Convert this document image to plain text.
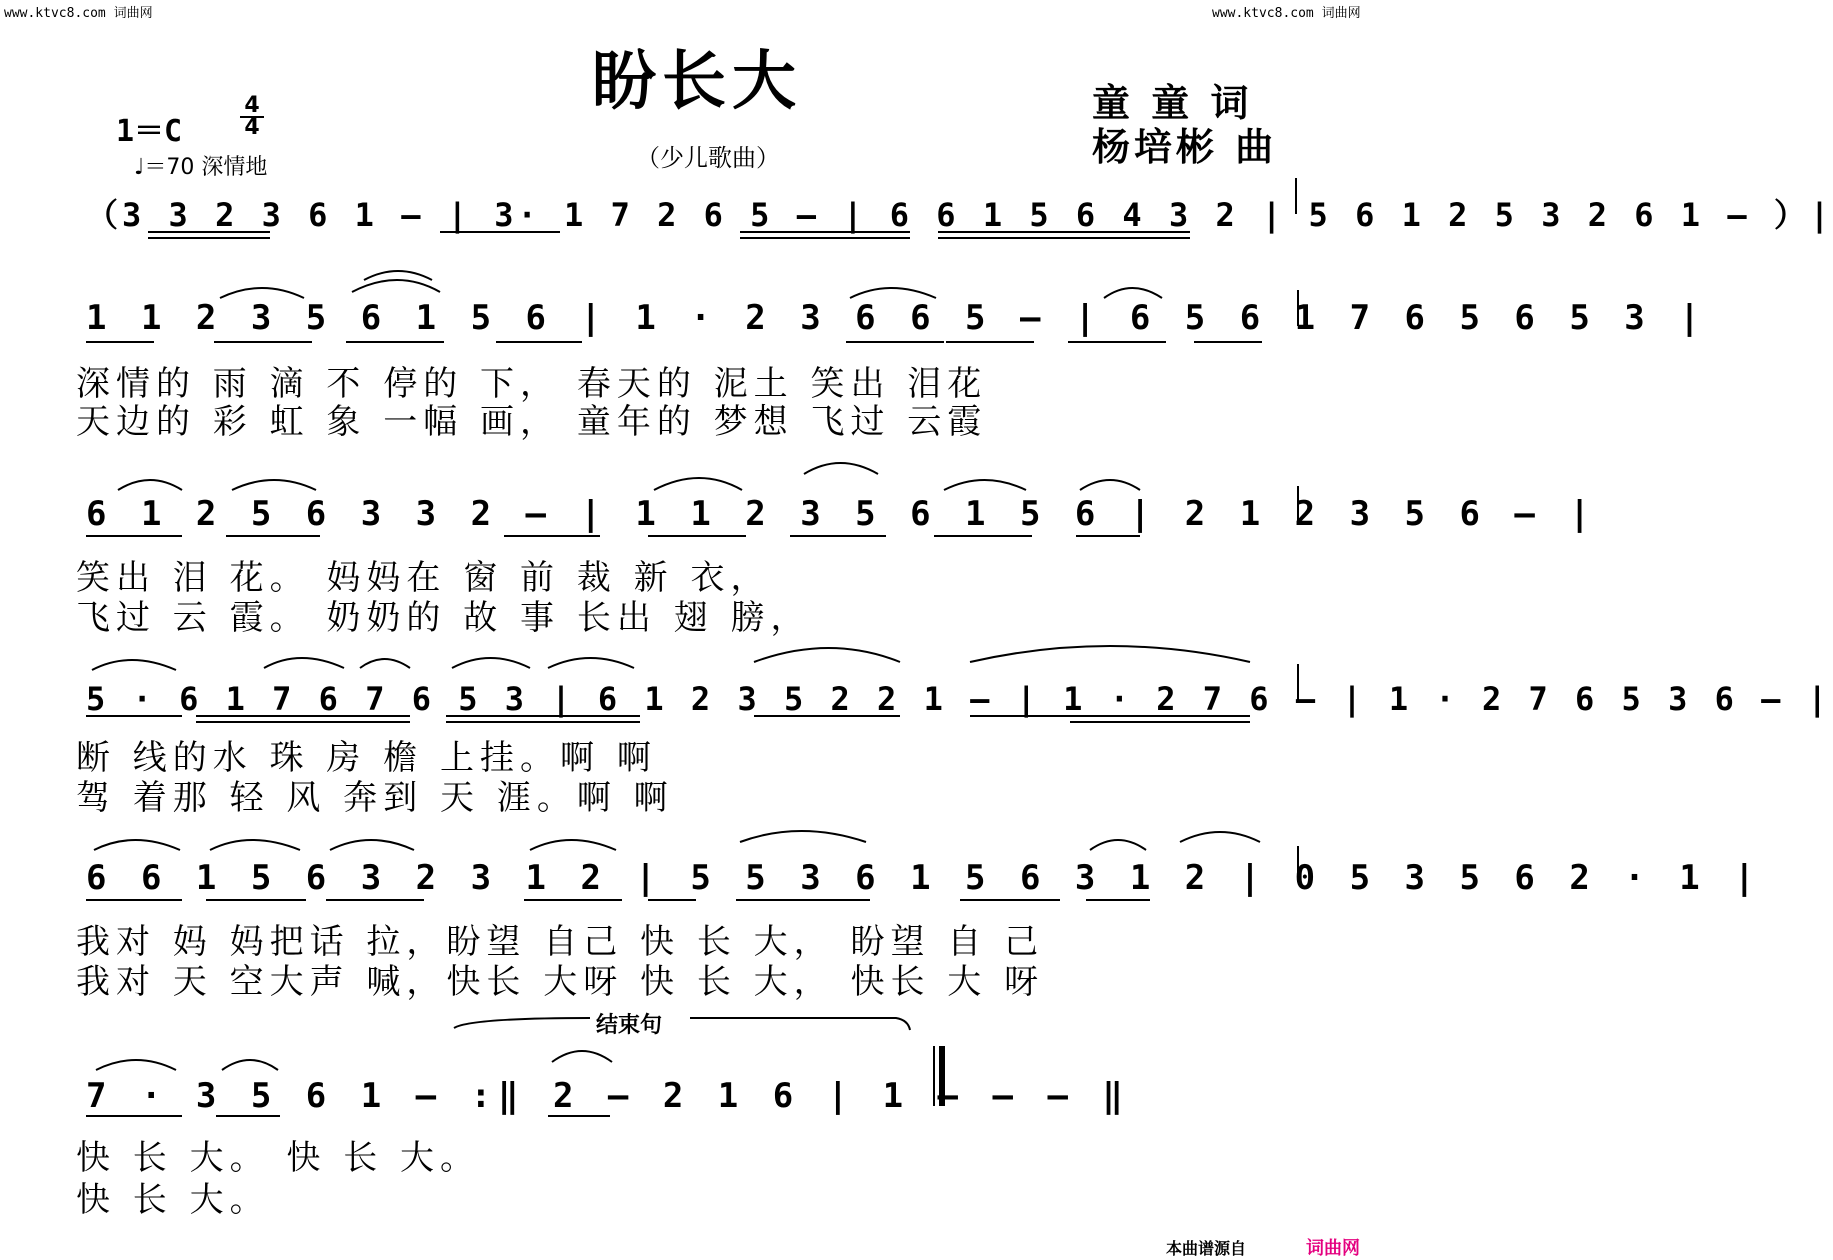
www.ktvc8.com 词曲网	www.ktvc8.com 词曲网
盼长大
（少儿歌曲）
童 童 词
杨培彬 曲
1＝C
4
4
♩＝70 深情地
（3 3 2 3 6 1 — | 3· 1 7 2 6 5 — | 6 6 1 5 6 4 3 2 | 5 6 1 2 5 3 2 6 1 — ）|
1 1 2 3 5 6 1 5 6 | 1 · 2 3 6 6 5 — | 6 5 6 1 7 6 5 6 5 3 |
深情的 雨 滴 不 停的 下， 春天的 泥土 笑出 泪花
天边的 彩 虹 象 一幅 画， 童年的 梦想 飞过 云霞
6 1 2 5 6 3 3 2 — | 1 1 2 3 5 6 1 5 6 | 2 1 2 3 5 6 — |
笑出 泪 花。 妈妈在 窗 前 裁 新 衣，
飞过 云 霞。 奶奶的 故 事 长出 翅 膀，
5 · 6 1 7 6 7 6 5 3 | 6 1 2 3 5 2 2 1 — | 1 · 2 7 6 — | 1 · 2 7 6 5 3 6 — |
断 线的水 珠 房 檐 上挂。啊 啊
驾 着那 轻 风 奔到 天 涯。啊 啊
6 6 1 5 6 3 2 3 1 2 | 5 5 3 6 1 5 6 3 1 2 | 0 5 3 5 6 2 · 1 |
我对 妈 妈把话 拉，盼望 自己 快 长 大， 盼望 自 己
我对 天 空大声 喊，快长 大呀 快 长 大， 快长 大 呀
结束句
7 · 3 5 6 1 — :‖ 2 — 2 1 6 | 1 — — — ‖
快 长 大。 快 长 大。
快 长 大。
本曲谱源自	词曲网
